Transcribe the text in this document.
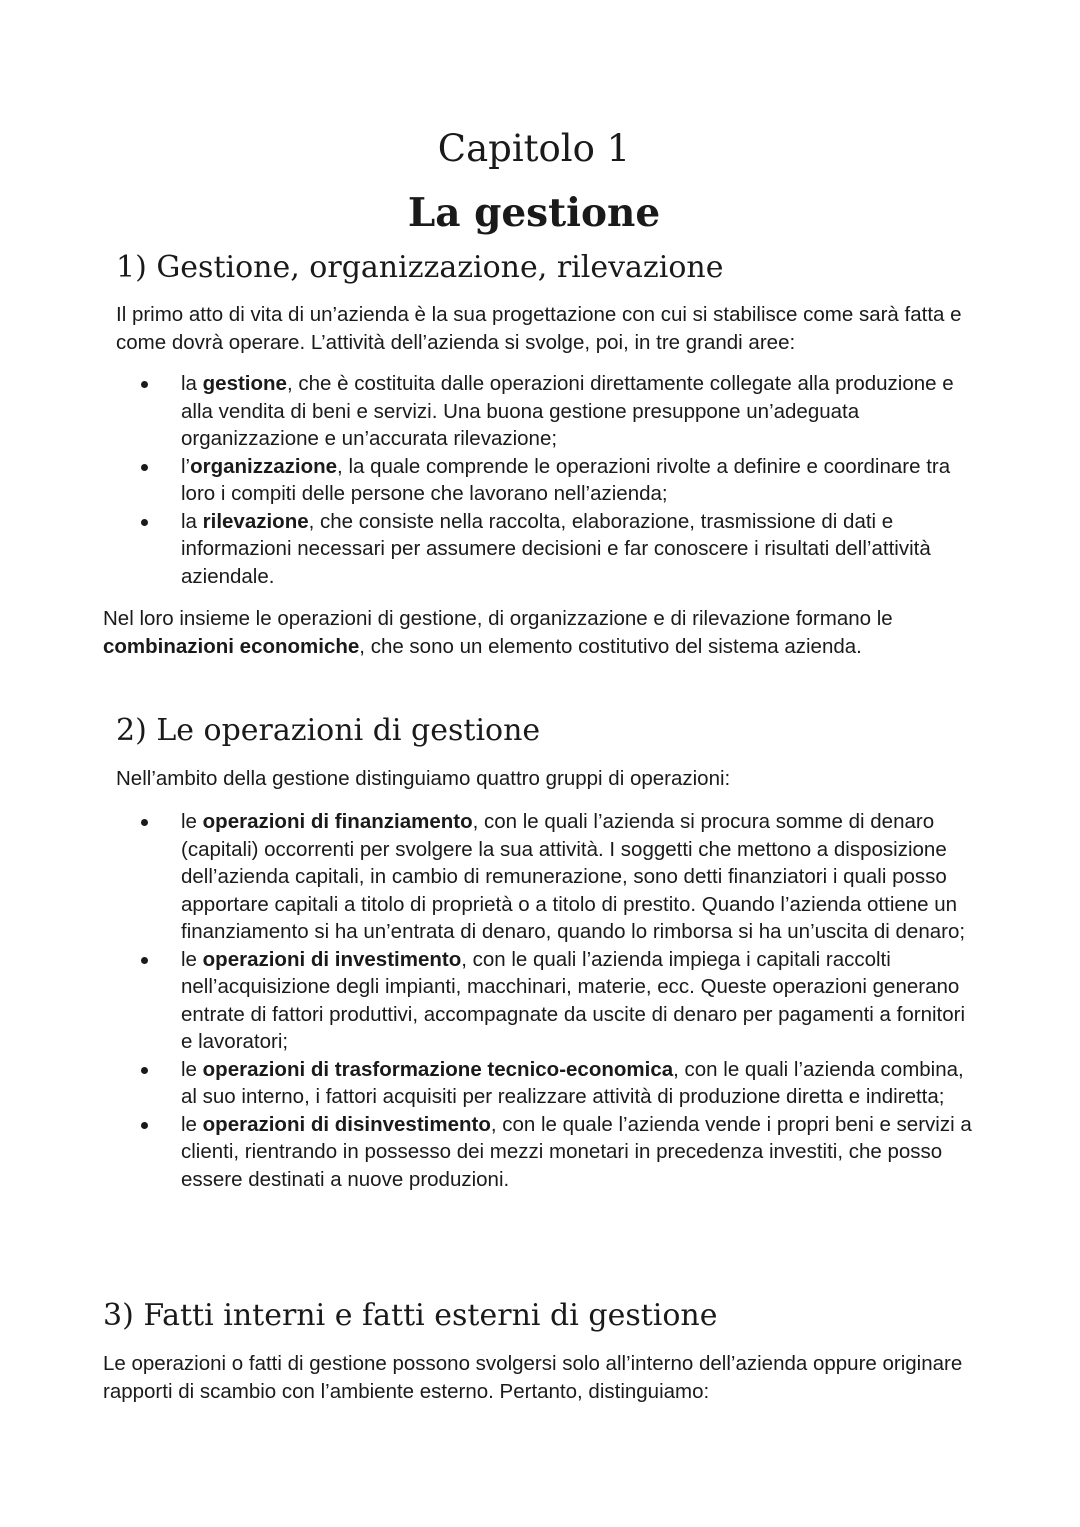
Capitolo 1
La gestione
1) Gestione, organizzazione, rilevazione

Il primo atto di vita di un’azienda è la sua progettazione con cui si stabilisce come sarà fatta e come dovrà operare. L’attività dell’azienda si svolge, poi, in tre grandi aree:

la gestione, che è costituita dalle operazioni direttamente collegate alla produzione e alla vendita di beni e servizi. Una buona gestione presuppone un’adeguata organizzazione e un’accurata rilevazione;
l’organizzazione, la quale comprende le operazioni rivolte a definire e coordinare tra loro i compiti delle persone che lavorano nell’azienda;
la rilevazione, che consiste nella raccolta, elaborazione, trasmissione di dati e informazioni necessari per assumere decisioni e far conoscere i risultati dell’attività aziendale.

Nel loro insieme le operazioni di gestione, di organizzazione e di rilevazione formano le combinazioni economiche, che sono un elemento costitutivo del sistema azienda.

2) Le operazioni di gestione

Nell’ambito della gestione distinguiamo quattro gruppi di operazioni:

le operazioni di finanziamento, con le quali l’azienda si procura somme di denaro (capitali) occorrenti per svolgere la sua attività. I soggetti che mettono a disposizione dell’azienda capitali, in cambio di remunerazione, sono detti finanziatori i quali posso apportare capitali a titolo di proprietà o a titolo di prestito. Quando l’azienda ottiene un finanziamento si ha un’entrata di denaro, quando lo rimborsa si ha un’uscita di denaro;
le operazioni di investimento, con le quali l’azienda impiega i capitali raccolti nell’acquisizione degli impianti, macchinari, materie, ecc. Queste operazioni generano entrate di fattori produttivi, accompagnate da uscite di denaro per pagamenti a fornitori e lavoratori;
le operazioni di trasformazione tecnico-economica, con le quali l’azienda combina, al suo interno, i fattori acquisiti per realizzare attività di produzione diretta e indiretta;
le operazioni di disinvestimento, con le quale l’azienda vende i propri beni e servizi a clienti, rientrando in possesso dei mezzi monetari in precedenza investiti, che posso essere destinati a nuove produzioni.
3) Fatti interni e fatti esterni di gestione

Le operazioni o fatti di gestione possono svolgersi solo all’interno dell’azienda oppure originare rapporti di scambio con l’ambiente esterno. Pertanto, distinguiamo:
